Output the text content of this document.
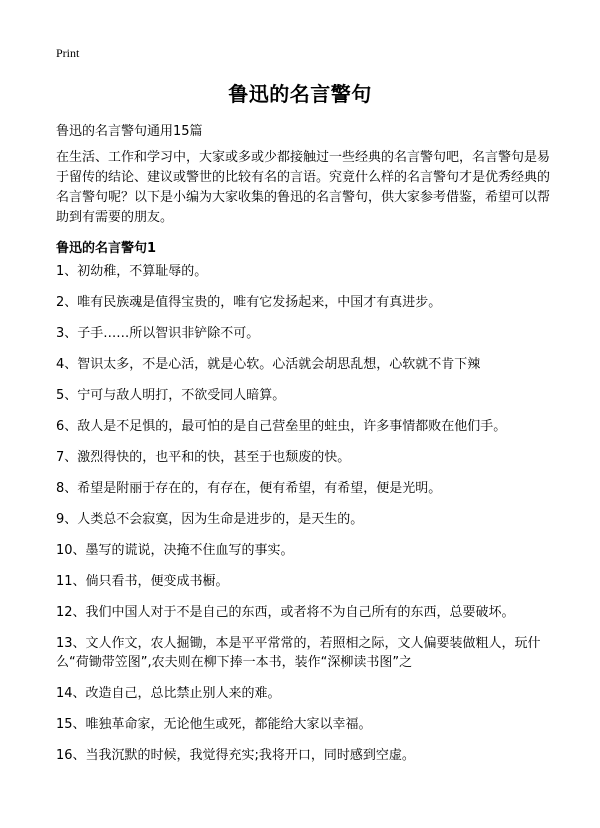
Print
鲁迅的名言警句
鲁迅的名言警句通用15篇
在生活、工作和学习中，大家或多或少都接触过一些经典的名言警句吧，名言警句是易于留传的结论、建议或警世的比较有名的言语。究竟什么样的名言警句才是优秀经典的名言警句呢？以下是小编为大家收集的鲁迅的名言警句，供大家参考借鉴，希望可以帮助到有需要的朋友。
鲁迅的名言警句1
1、初幼稚，不算耻辱的。
2、唯有民族魂是值得宝贵的，唯有它发扬起来，中国才有真进步。
3、子手……所以智识非铲除不可。
4、智识太多，不是心活，就是心软。心活就会胡思乱想，心软就不肯下辣
5、宁可与敌人明打，不欲受同人暗算。
6、敌人是不足惧的，最可怕的是自己营垒里的蛀虫，许多事情都败在他们手。
7、激烈得快的，也平和的快，甚至于也颓废的快。
8、希望是附丽于存在的，有存在，便有希望，有希望，便是光明。
9、人类总不会寂寞，因为生命是进步的，是天生的。
10、墨写的谎说，决掩不住血写的事实。
11、倘只看书，便变成书橱。
12、我们中国人对于不是自己的东西，或者将不为自己所有的东西，总要破坏。
13、文人作文，农人掘锄，本是平平常常的，若照相之际，文人偏要装做粗人，玩什么“荷锄带笠图”,农夫则在柳下捧一本书，装作“深柳读书图”之
14、改造自己，总比禁止别人来的难。
15、唯独革命家，无论他生或死，都能给大家以幸福。
16、当我沉默的时候，我觉得充实;我将开口，同时感到空虚。
